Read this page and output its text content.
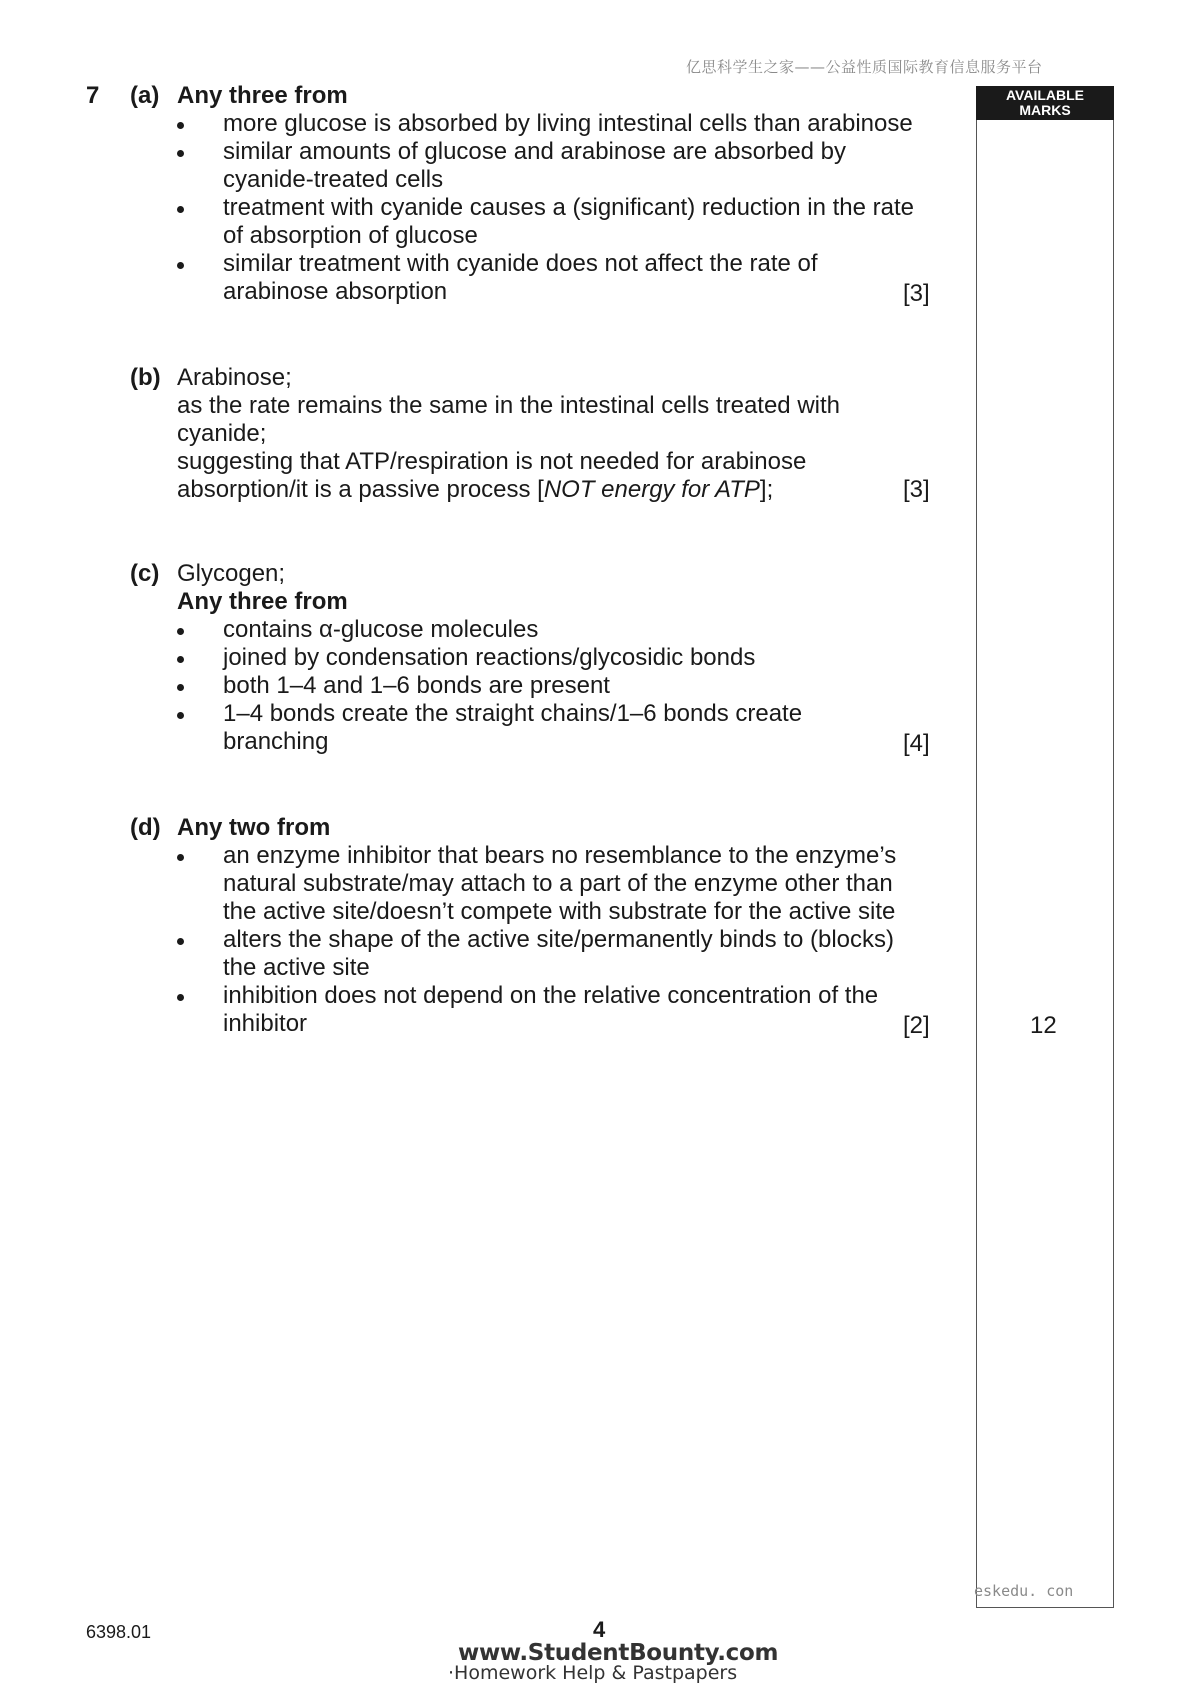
亿思科学生之家——公益性质国际教育信息服务平台
AVAILABLE
MARKS
12
7 (a) Any three from
more glucose is absorbed by living intestinal cells than arabinose
similar amounts of glucose and arabinose are absorbed by
cyanide-treated cells
treatment with cyanide causes a (significant) reduction in the rate
of absorption of glucose
similar treatment with cyanide does not affect the rate of
arabinose absorption	[3]
(b) Arabinose;
as the rate remains the same in the intestinal cells treated with
cyanide;
suggesting that ATP/respiration is not needed for arabinose
absorption/it is a passive process [NOT energy for ATP];	[3]
(c) Glycogen;
Any three from
contains α-glucose molecules
joined by condensation reactions/glycosidic bonds
both 1–4 and 1–6 bonds are present
1–4 bonds create the straight chains/1–6 bonds create
branching	[4]
(d) Any two from
an enzyme inhibitor that bears no resemblance to the enzyme’s
natural substrate/may attach to a part of the enzyme other than
the active site/doesn’t compete with substrate for the active site
alters the shape of the active site/permanently binds to (blocks)
the active site
inhibition does not depend on the relative concentration of the
inhibitor	[2]
eskedu. con
6398.01	4
www.StudentBounty.com
·Homework Help & Pastpapers
